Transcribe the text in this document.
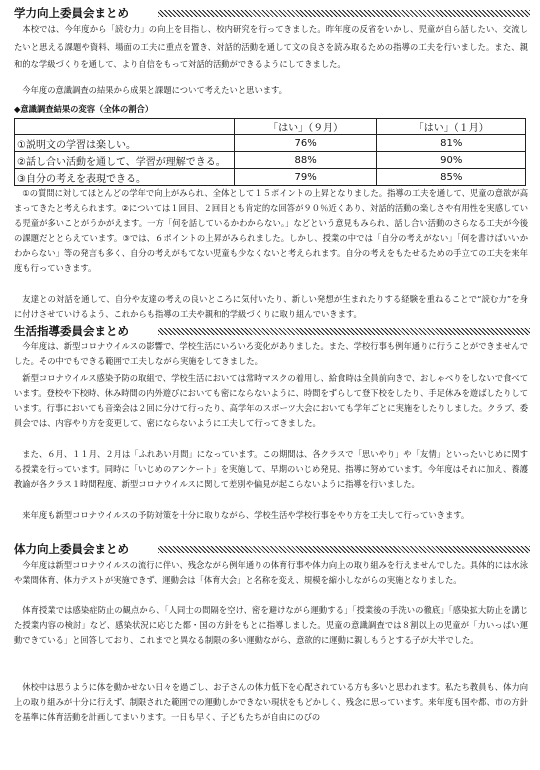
学力向上委員会まとめ

本校では、今年度から「読む力」の向上を目指し、校内研究を行ってきました。昨年度の反省をいかし、児童が自ら話したい、交流したいと思える課題や資料、場面の工夫に重点を置き、対話的活動を通して文の良さを読み取るための指導の工夫を行いました。また、親和的な学級づくりを通して、より自信をもって対話的活動ができるようにしてきました。

今年度の意識調査の結果から成果と課題について考えたいと思います。

◆意識調査結果の変容（全体の割合）
	「はい」（９月）	「はい」（１月）
①説明文の学習は楽しい。	76%	81%
②話し合い活動を通して、学習が理解できる。	88%	90%
③自分の考えを表現できる。	79%	85%

①の質問に対してほとんどの学年で向上がみられ、全体として１５ポイントの上昇となりました。指導の工夫を通して、児童の意欲が高まってきたと考えられます。②については１回目、２回目とも肯定的な回答が９０％近くあり、対話的活動の楽しさや有用性を実感している児童が多いことがうかがえます。一方「何を話しているかわからない。」などという意見もみられ、話し合い活動のさらなる工夫が今後の課題だととらえています。③では、６ポイントの上昇がみられました。しかし、授業の中では「自分の考えがない」「何を書けばいいかわからない」等の発言も多く、自分の考えがもてない児童も少なくないと考えられます。自分の考えをもたせるための手立ての工夫を来年度も行っていきます。

友達との対話を通して、自分や友達の考えの良いところに気付いたり、新しい発想が生まれたりする経験を重ねることで“読む力”を身に付けさせていけるよう、これからも指導の工夫や親和的学級づくりに取り組んでいきます。

生活指導委員会まとめ

今年度は、新型コロナウイルスの影響で、学校生活にいろいろ変化がありました。また、学校行事も例年通りに行うことができませんでした。その中でもできる範囲で工夫しながら実施をしてきました。

新型コロナウイルス感染予防の取組で、学校生活においては常時マスクの着用し、給食時は全員前向きで、おしゃべりをしないで食べています。登校や下校時、休み時間の内外遊びにおいても密にならないように、時間をずらして登下校をしたり、手足休みを遊ばしたりしています。行事においても音楽会は２回に分けて行ったり、高学年のスポーツ大会においても学年ごとに実施をしたりしました。クラブ、委員会では、内容やり方を変更して、密にならないように工夫して行ってきました。

また、６月、１１月、２月は「ふれあい月間」になっています。この期間は、各クラスで「思いやり」や「友情」といったいじめに関する授業を行っています。同時に「いじめのアンケート」を実施して、早期のいじめ発見、指導に努めています。今年度はそれに加え、養護教諭が各クラス１時間程度、新型コロナウイルスに関して差別や偏見が起こらないように指導を行いました。

来年度も新型コロナウイルスの予防対策を十分に取りながら、学校生活や学校行事をやり方を工夫して行っていきます。

体力向上委員会まとめ

今年度は新型コロナウイルスの流行に伴い、残念ながら例年通りの体育行事や体力向上の取り組みを行えませんでした。具体的には水泳や業間体育、体力テストが実施できず、運動会は「体育大会」と名称を変え、規模を縮小しながらの実施となりました。

体育授業では感染症防止の観点から、「人同士の間隔を空け、密を避けながら運動する」「授業後の手洗いの徹底」「感染拡大防止を講じた授業内容の検討」など、感染状況に応じた都・国の方針をもとに指導しました。児童の意識調査では８割以上の児童が「力いっぱい運動できている」と回答しており、これまでと異なる制限の多い運動ながら、意欲的に運動に親しもうとする子が大半でした。

休校中は思うように体を動かせない日々を過ごし、お子さんの体力低下を心配されている方も多いと思われます。私たち教員も、体力向上の取り組みが十分に行えず、制限された範囲での運動しかできない現状をもどかしく、残念に思っています。来年度も国や都、市の方針を基準に体育活動を計画してまいります。一日も早く、子どもたちが自由にのびの
